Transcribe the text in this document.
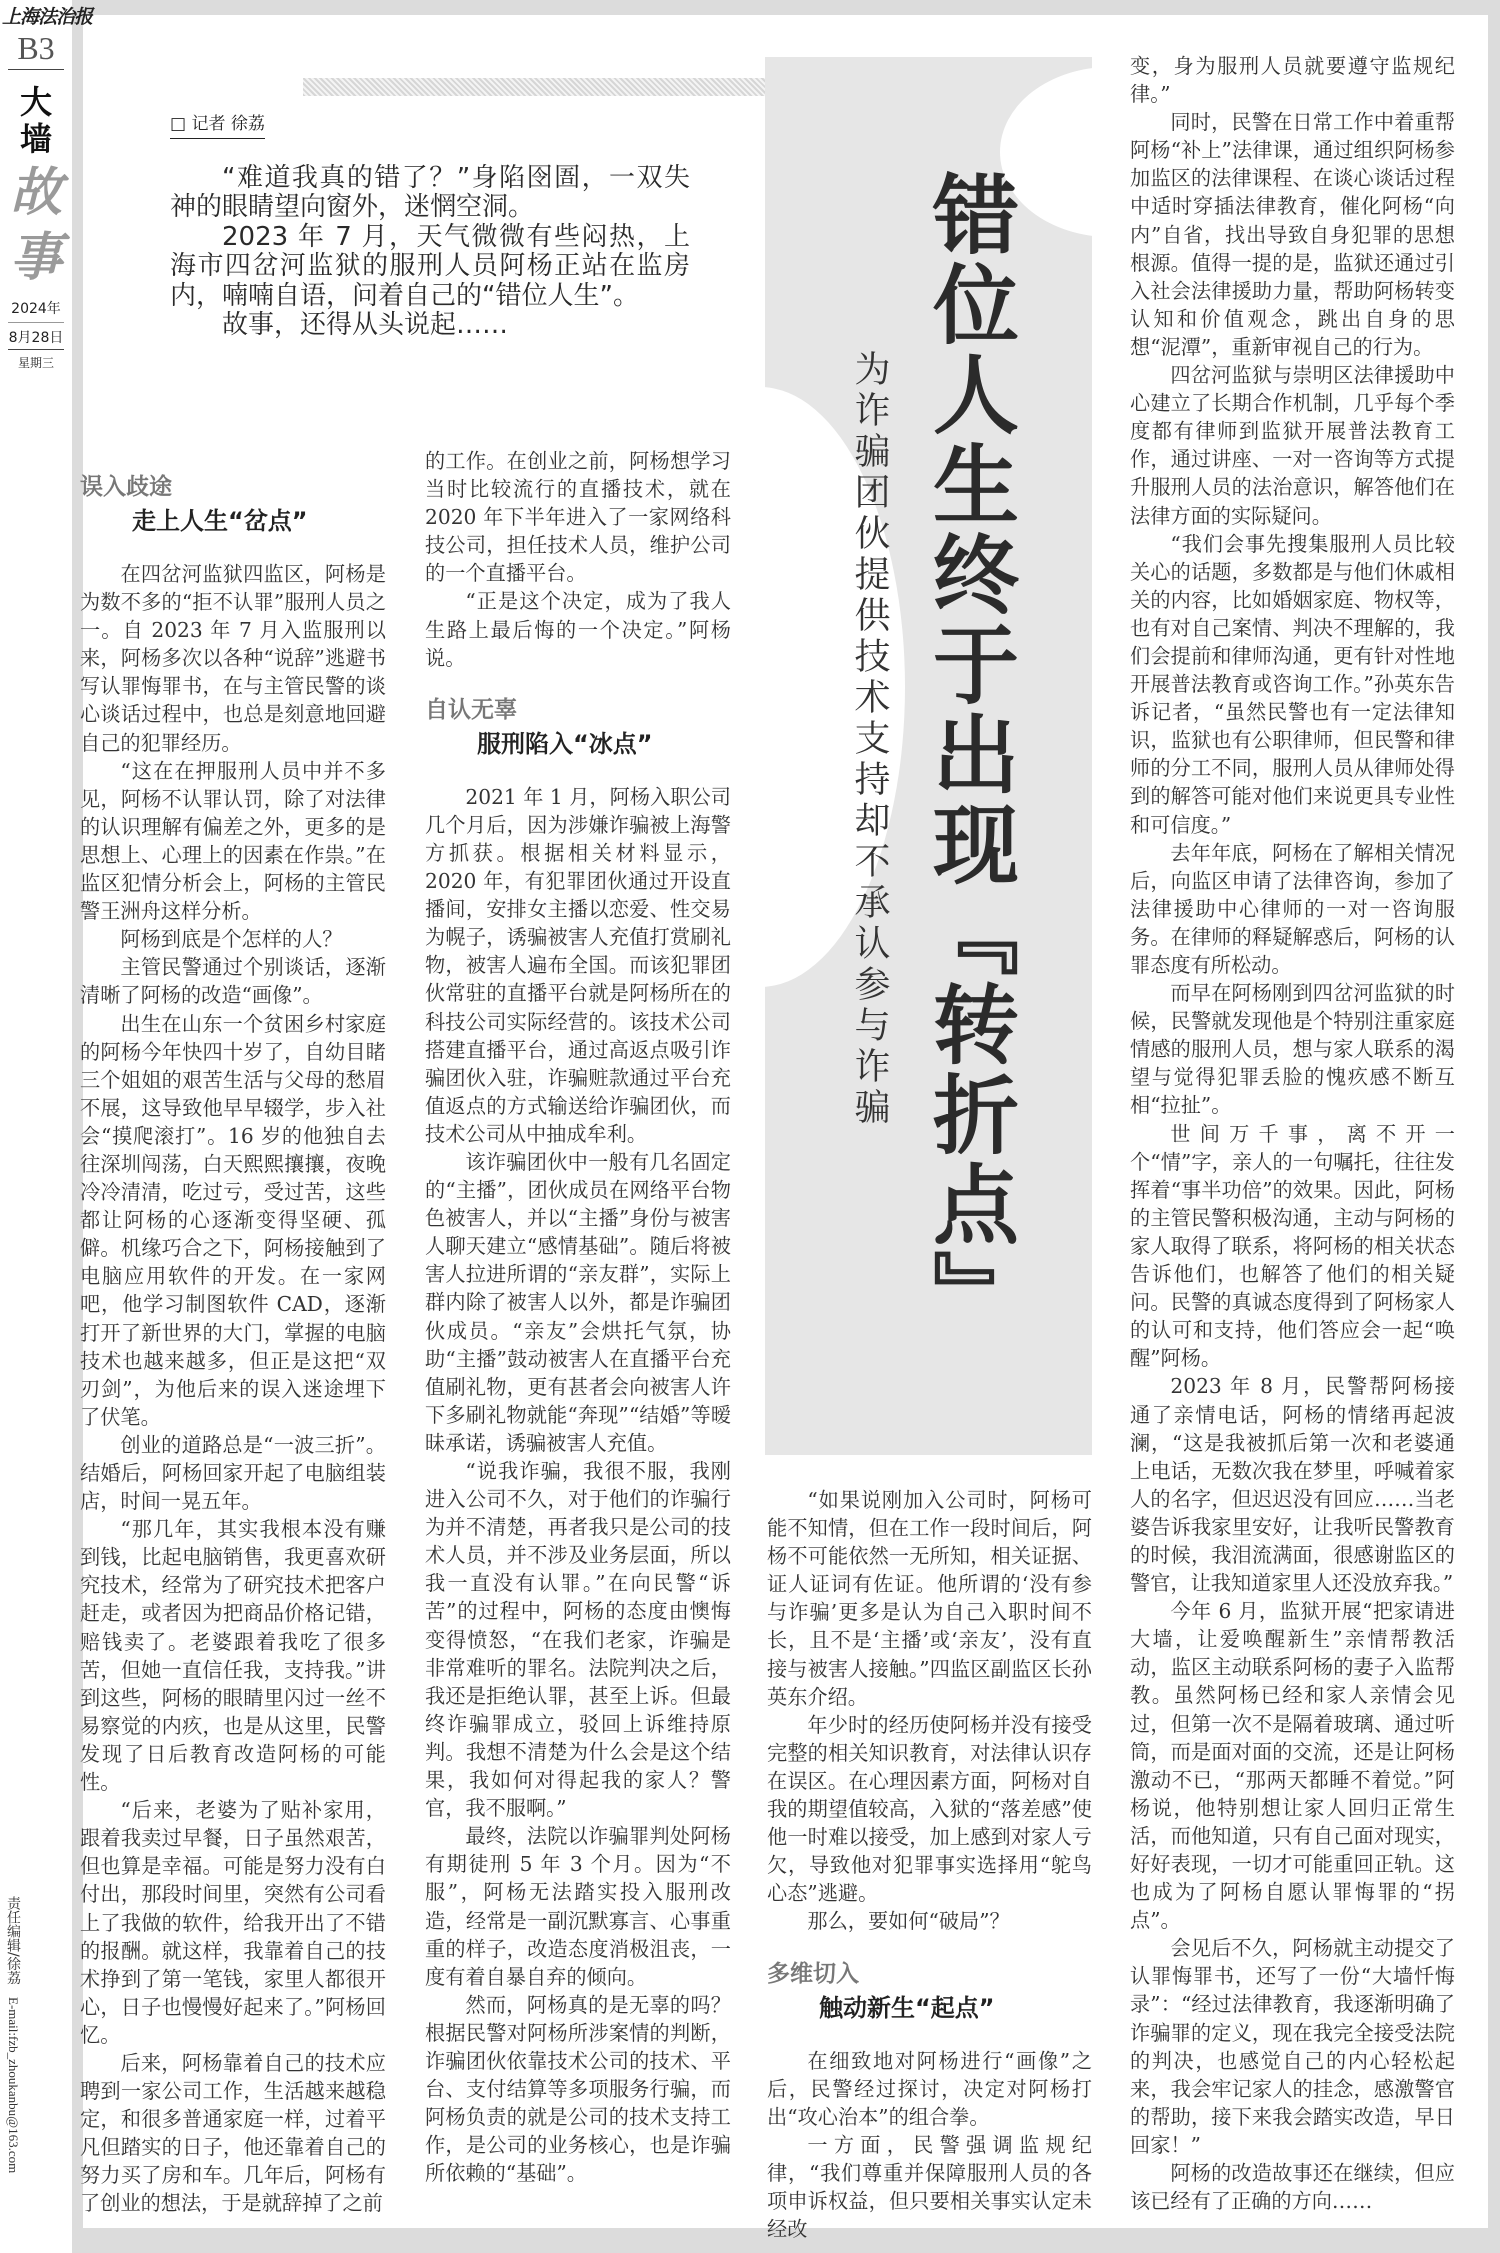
上海法治报
B3
大
墙
故
事
2024年
8月28日
星期三
责任编辑/徐荔 E-mail:fzb_zhoukanbu@163.com
□ 记者 徐荔

“难道我真的错了？”身陷囹圄，一双失神的眼睛望向窗外，迷惘空洞。

2023 年 7 月，天气微微有些闷热，上海市四岔河监狱的服刑人员阿杨正站在监房内，喃喃自语，问着自己的“错位人生”。

故事，还得从头说起……	错位人生终于出现『转折点』
为诈骗团伙提供技术支持却不承认参与诈骗
误入歧途
走上人生“岔点”

在四岔河监狱四监区，阿杨是为数不多的“拒不认罪”服刑人员之一。自 2023 年 7 月入监服刑以来，阿杨多次以各种“说辞”逃避书写认罪悔罪书，在与主管民警的谈心谈话过程中，也总是刻意地回避自己的犯罪经历。

“这在在押服刑人员中并不多见，阿杨不认罪认罚，除了对法律的认识理解有偏差之外，更多的是思想上、心理上的因素在作祟。”在监区犯情分析会上，阿杨的主管民警王洲舟这样分析。

阿杨到底是个怎样的人？

主管民警通过个别谈话，逐渐清晰了阿杨的改造“画像”。

出生在山东一个贫困乡村家庭的阿杨今年快四十岁了，自幼目睹三个姐姐的艰苦生活与父母的愁眉不展，这导致他早早辍学，步入社会“摸爬滚打”。16 岁的他独自去往深圳闯荡，白天熙熙攘攘，夜晚冷冷清清，吃过亏，受过苦，这些都让阿杨的心逐渐变得坚硬、孤僻。机缘巧合之下，阿杨接触到了电脑应用软件的开发。在一家网吧，他学习制图软件 CAD，逐渐打开了新世界的大门，掌握的电脑技术也越来越多，但正是这把“双刃剑”，为他后来的误入迷途埋下了伏笔。

创业的道路总是“一波三折”。结婚后，阿杨回家开起了电脑组装店，时间一晃五年。

“那几年，其实我根本没有赚到钱，比起电脑销售，我更喜欢研究技术，经常为了研究技术把客户赶走，或者因为把商品价格记错，赔钱卖了。老婆跟着我吃了很多苦，但她一直信任我，支持我。”讲到这些，阿杨的眼睛里闪过一丝不易察觉的内疚，也是从这里，民警发现了日后教育改造阿杨的可能性。

“后来，老婆为了贴补家用，跟着我卖过早餐，日子虽然艰苦，但也算是幸福。可能是努力没有白付出，那段时间里，突然有公司看上了我做的软件，给我开出了不错的报酬。就这样，我靠着自己的技术挣到了第一笔钱，家里人都很开心，日子也慢慢好起来了。”阿杨回忆。

后来，阿杨靠着自己的技术应聘到一家公司工作，生活越来越稳定，和很多普通家庭一样，过着平凡但踏实的日子，他还靠着自己的努力买了房和车。几年后，阿杨有了创业的想法，于是就辞掉了之前

的工作。在创业之前，阿杨想学习当时比较流行的直播技术，就在 2020 年下半年进入了一家网络科技公司，担任技术人员，维护公司的一个直播平台。

“正是这个决定，成为了我人生路上最后悔的一个决定。”阿杨说。

自认无辜
服刑陷入“冰点”

2021 年 1 月，阿杨入职公司几个月后，因为涉嫌诈骗被上海警方抓获。根据相关材料显示，2020 年，有犯罪团伙通过开设直播间，安排女主播以恋爱、性交易为幌子，诱骗被害人充值打赏刷礼物，被害人遍布全国。而该犯罪团伙常驻的直播平台就是阿杨所在的科技公司实际经营的。该技术公司搭建直播平台，通过高返点吸引诈骗团伙入驻，诈骗赃款通过平台充值返点的方式输送给诈骗团伙，而技术公司从中抽成牟利。

该诈骗团伙中一般有几名固定的“主播”，团伙成员在网络平台物色被害人，并以“主播”身份与被害人聊天建立“感情基础”。随后将被害人拉进所谓的“亲友群”，实际上群内除了被害人以外，都是诈骗团伙成员。“亲友”会烘托气氛，协助“主播”鼓动被害人在直播平台充值刷礼物，更有甚者会向被害人许下多刷礼物就能“奔现”“结婚”等暧昧承诺，诱骗被害人充值。

“说我诈骗，我很不服，我刚进入公司不久，对于他们的诈骗行为并不清楚，再者我只是公司的技术人员，并不涉及业务层面，所以我一直没有认罪。”在向民警“诉苦”的过程中，阿杨的态度由懊悔变得愤怒，“在我们老家，诈骗是非常难听的罪名。法院判决之后，我还是拒绝认罪，甚至上诉。但最终诈骗罪成立，驳回上诉维持原判。我想不清楚为什么会是这个结果，我如何对得起我的家人？警官，我不服啊。”

最终，法院以诈骗罪判处阿杨有期徒刑 5 年 3 个月。因为“不服”，阿杨无法踏实投入服刑改造，经常是一副沉默寡言、心事重重的样子，改造态度消极沮丧，一度有着自暴自弃的倾向。

然而，阿杨真的是无辜的吗？根据民警对阿杨所涉案情的判断，诈骗团伙依靠技术公司的技术、平台、支付结算等多项服务行骗，而阿杨负责的就是公司的技术支持工作，是公司的业务核心，也是诈骗所依赖的“基础”。

“如果说刚加入公司时，阿杨可能不知情，但在工作一段时间后，阿杨不可能依然一无所知，相关证据、证人证词有佐证。他所谓的‘没有参与诈骗’更多是认为自己入职时间不长，且不是‘主播’或‘亲友’，没有直接与被害人接触。”四监区副监区长孙英东介绍。

年少时的经历使阿杨并没有接受完整的相关知识教育，对法律认识存在误区。在心理因素方面，阿杨对自我的期望值较高，入狱的“落差感”使他一时难以接受，加上感到对家人亏欠，导致他对犯罪事实选择用“鸵鸟心态”逃避。

那么，要如何“破局”？

多维切入
触动新生“起点”

在细致地对阿杨进行“画像”之后，民警经过探讨，决定对阿杨打出“攻心治本”的组合拳。

一方面，民警强调监规纪律，“我们尊重并保障服刑人员的各项申诉权益，但只要相关事实认定未经改

变，身为服刑人员就要遵守监规纪律。”

同时，民警在日常工作中着重帮阿杨“补上”法律课，通过组织阿杨参加监区的法律课程、在谈心谈话过程中适时穿插法律教育，催化阿杨“向内”自省，找出导致自身犯罪的思想根源。值得一提的是，监狱还通过引入社会法律援助力量，帮助阿杨转变认知和价值观念，跳出自身的思想“泥潭”，重新审视自己的行为。

四岔河监狱与崇明区法律援助中心建立了长期合作机制，几乎每个季度都有律师到监狱开展普法教育工作，通过讲座、一对一咨询等方式提升服刑人员的法治意识，解答他们在法律方面的实际疑问。

“我们会事先搜集服刑人员比较关心的话题，多数都是与他们休戚相关的内容，比如婚姻家庭、物权等，也有对自己案情、判决不理解的，我们会提前和律师沟通，更有针对性地开展普法教育或咨询工作。”孙英东告诉记者，“虽然民警也有一定法律知识，监狱也有公职律师，但民警和律师的分工不同，服刑人员从律师处得到的解答可能对他们来说更具专业性和可信度。”

去年年底，阿杨在了解相关情况后，向监区申请了法律咨询，参加了法律援助中心律师的一对一咨询服务。在律师的释疑解惑后，阿杨的认罪态度有所松动。

而早在阿杨刚到四岔河监狱的时候，民警就发现他是个特别注重家庭情感的服刑人员，想与家人联系的渴望与觉得犯罪丢脸的愧疚感不断互相“拉扯”。

世间万千事，离不开一个“情”字，亲人的一句嘱托，往往发挥着“事半功倍”的效果。因此，阿杨的主管民警积极沟通，主动与阿杨的家人取得了联系，将阿杨的相关状态告诉他们，也解答了他们的相关疑问。民警的真诚态度得到了阿杨家人的认可和支持，他们答应会一起“唤醒”阿杨。

2023 年 8 月，民警帮阿杨接通了亲情电话，阿杨的情绪再起波澜，“这是我被抓后第一次和老婆通上电话，无数次我在梦里，呼喊着家人的名字，但迟迟没有回应……当老婆告诉我家里安好，让我听民警教育的时候，我泪流满面，很感谢监区的警官，让我知道家里人还没放弃我。”

今年 6 月，监狱开展“把家请进大墙，让爱唤醒新生”亲情帮教活动，监区主动联系阿杨的妻子入监帮教。虽然阿杨已经和家人亲情会见过，但第一次不是隔着玻璃、通过听筒，而是面对面的交流，还是让阿杨激动不已，“那两天都睡不着觉。”阿杨说，他特别想让家人回归正常生活，而他知道，只有自己面对现实，好好表现，一切才可能重回正轨。这也成为了阿杨自愿认罪悔罪的“拐点”。

会见后不久，阿杨就主动提交了认罪悔罪书，还写了一份“大墙忏悔录”：“经过法律教育，我逐渐明确了诈骗罪的定义，现在我完全接受法院的判决，也感觉自己的内心轻松起来，我会牢记家人的挂念，感激警官的帮助，接下来我会踏实改造，早日回家！”

阿杨的改造故事还在继续，但应该已经有了正确的方向……
